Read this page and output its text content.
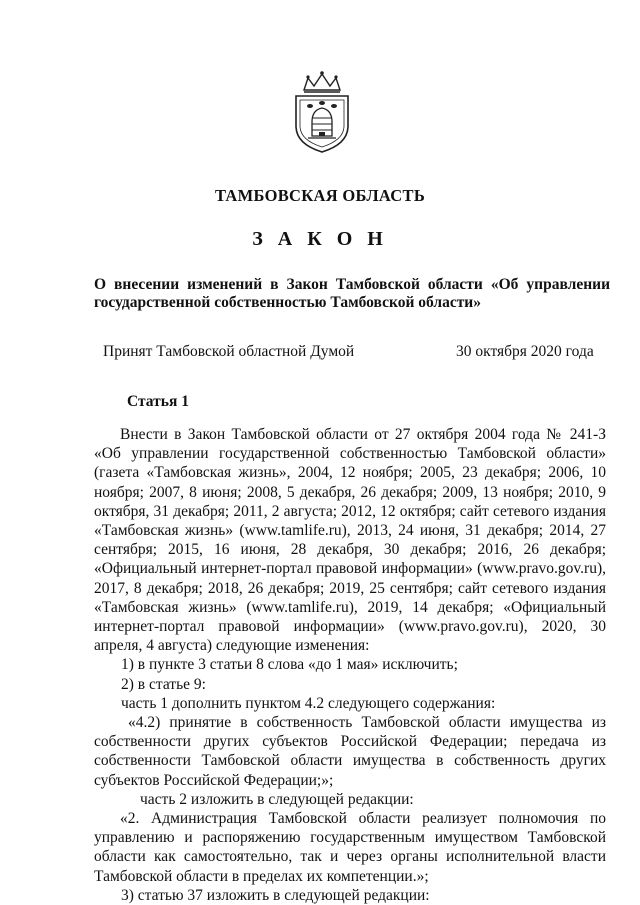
ТАМБОВСКАЯ ОБЛАСТЬ
З А К О Н
О внесении изменений в Закон Тамбовской области «Об управлении государственной собственностью Тамбовской области»
Принят Тамбовской областной Думой	30 октября 2020 года
Статья 1

Внести в Закон Тамбовской области от 27 октября 2004 года № 241-З «Об управлении государственной собственностью Тамбовской области» (газета «Тамбовская жизнь», 2004, 12 ноября; 2005, 23 декабря; 2006, 10 ноября; 2007, 8 июня; 2008, 5 декабря, 26 декабря; 2009, 13 ноября; 2010, 9 октября, 31 декабря; 2011, 2 августа; 2012, 12 октября; сайт сетевого издания «Тамбовская жизнь» (www.tamlife.ru), 2013, 24 июня, 31 декабря; 2014, 27 сентября; 2015, 16 июня, 28 декабря, 30 декабря; 2016, 26 декабря; «Официальный интернет-портал правовой информации» (www.pravo.gov.ru), 2017, 8 декабря; 2018, 26 декабря; 2019, 25 сентября; сайт сетевого издания «Тамбовская жизнь» (www.tamlife.ru), 2019, 14 декабря; «Официальный интернет-портал правовой информации» (www.pravo.gov.ru), 2020, 30 апреля, 4 августа) следующие изменения:

1) в пункте 3 статьи 8 слова «до 1 мая» исключить;

2) в статье 9:

часть 1 дополнить пунктом 4.2 следующего содержания:

«4.2) принятие в собственность Тамбовской области имущества из собственности других субъектов Российской Федерации; передача из собственности Тамбовской области имущества в собственность других субъектов Российской Федерации;»;

часть 2 изложить в следующей редакции:

«2. Администрация Тамбовской области реализует полномочия по управлению и распоряжению государственным имуществом Тамбовской области как самостоятельно, так и через органы исполнительной власти Тамбовской области в пределах их компетенции.»;

3) статью 37 изложить в следующей редакции:
